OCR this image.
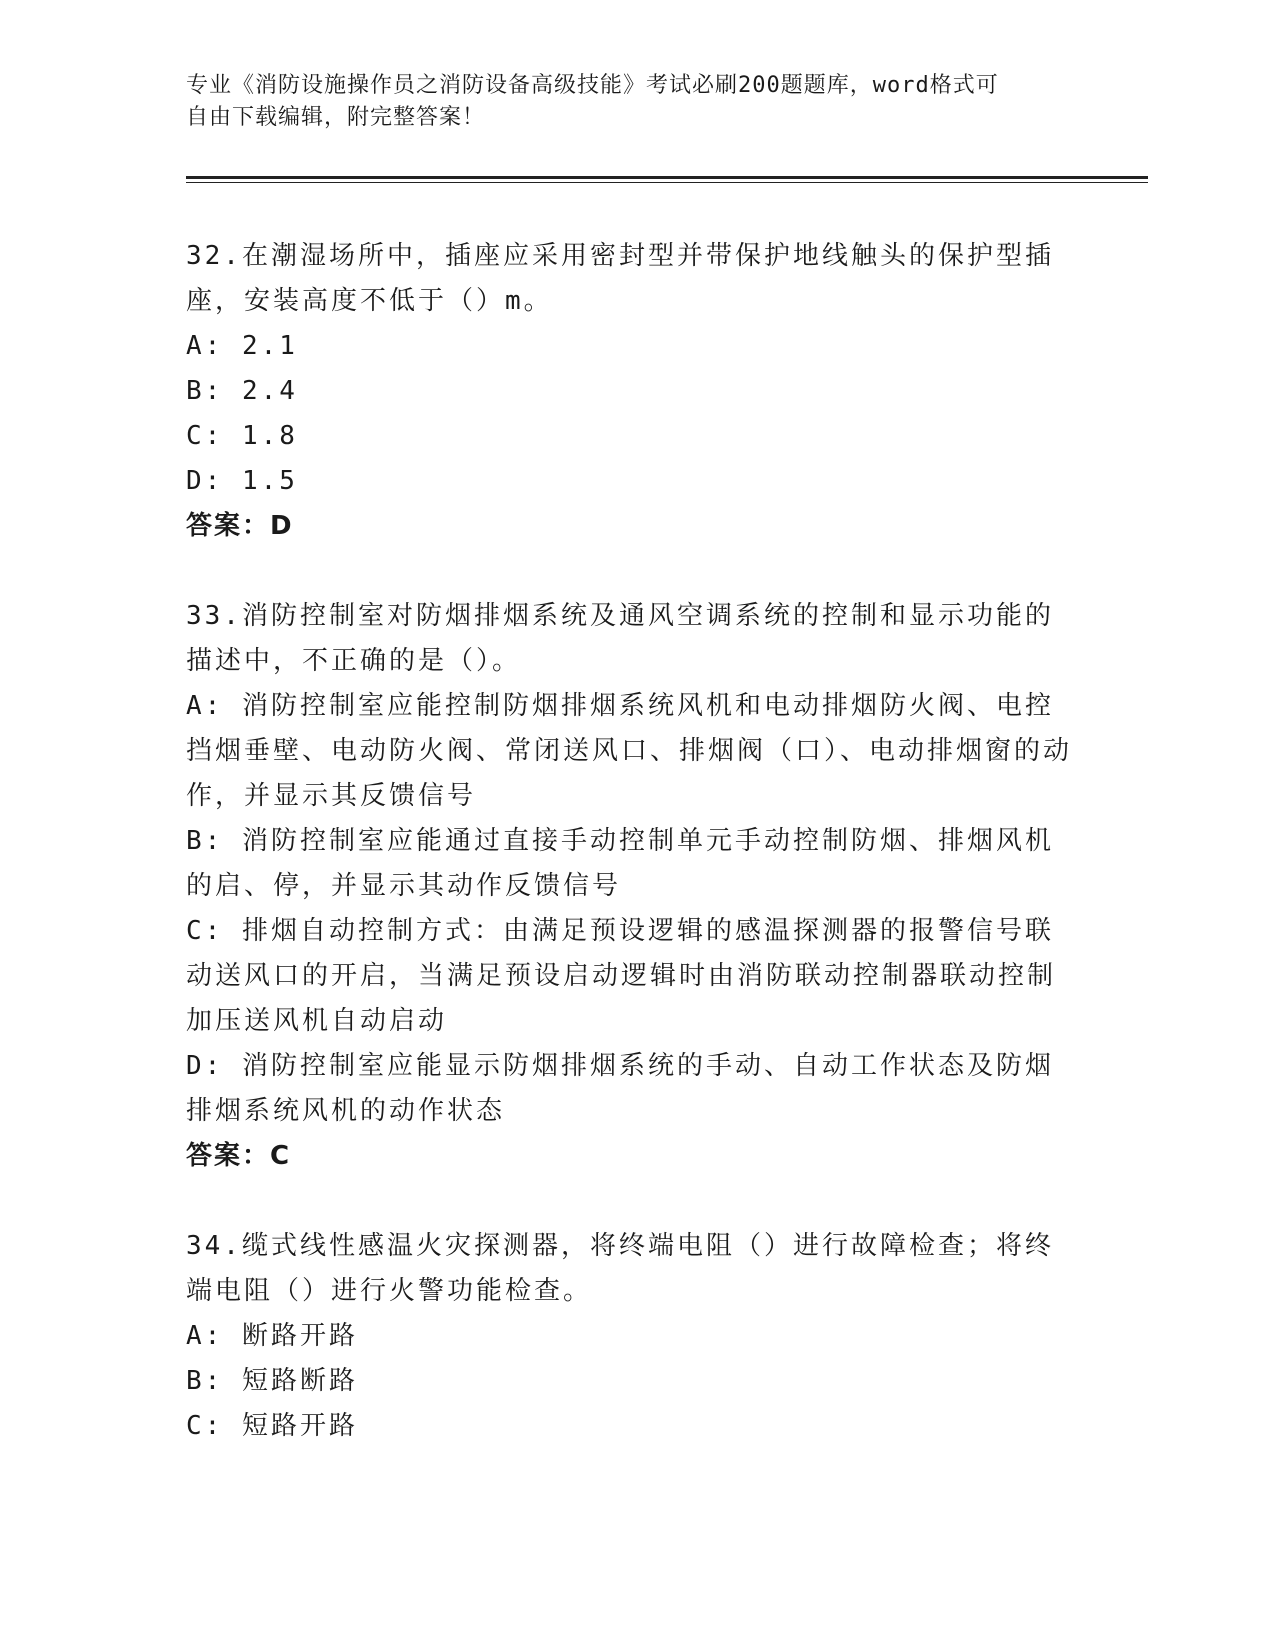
专业《消防设施操作员之消防设备高级技能》考试必刷200题题库，word格式可
自由下载编辑，附完整答案！
32.在潮湿场所中，插座应采用密封型并带保护地线触头的保护型插座，安装高度不低于（）m。
A: 2.1
B: 2.4
C: 1.8
D: 1.5
答案：D
33.消防控制室对防烟排烟系统及通风空调系统的控制和显示功能的描述中，不正确的是（）。
A: 消防控制室应能控制防烟排烟系统风机和电动排烟防火阀、电控挡烟垂壁、电动防火阀、常闭送风口、排烟阀（口）、电动排烟窗的动作，并显示其反馈信号
B: 消防控制室应能通过直接手动控制单元手动控制防烟、排烟风机的启、停，并显示其动作反馈信号
C: 排烟自动控制方式：由满足预设逻辑的感温探测器的报警信号联动送风口的开启，当满足预设启动逻辑时由消防联动控制器联动控制加压送风机自动启动
D: 消防控制室应能显示防烟排烟系统的手动、自动工作状态及防烟排烟系统风机的动作状态
答案：C
34.缆式线性感温火灾探测器，将终端电阻（）进行故障检查；将终端电阻（）进行火警功能检查。
A: 断路开路
B: 短路断路
C: 短路开路
